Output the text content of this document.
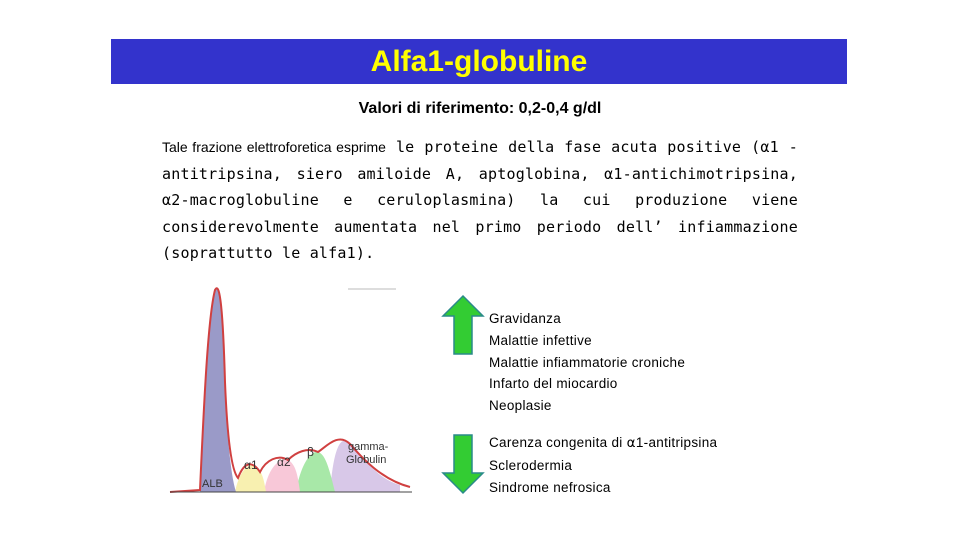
Alfa1-globuline
Valori di riferimento: 0,2-0,4 g/dl
Tale frazione elettroforetica esprime le proteine della fase acuta positive (α1 -antitripsina, siero amiloide A, aptoglobina, α1-antichimotripsina, α2-macroglobuline e ceruloplasmina) la cui produzione viene considerevolmente aumentata nel primo periodo dell’ infiammazione (soprattutto le alfa1).
ALB
α1 α2
β	gamma-
Globulin
Gravidanza
Malattie infettive
Malattie infiammatorie croniche
Infarto del miocardio
Neoplasie
Carenza congenita di α1-antitripsina
Sclerodermia
Sindrome nefrosica
